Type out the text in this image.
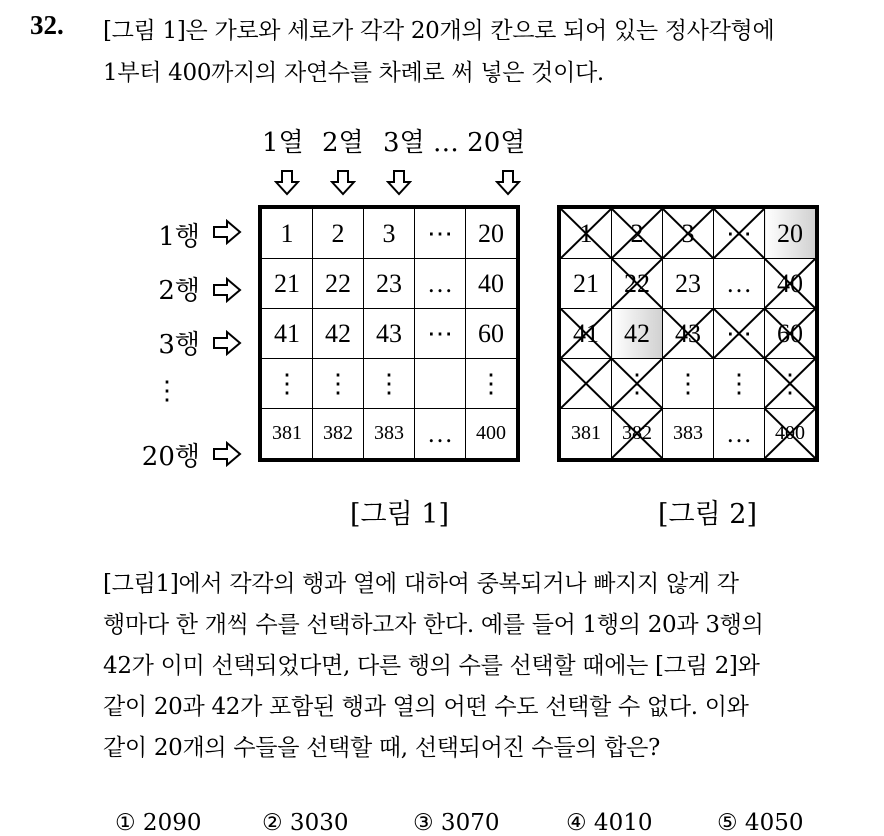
32. [그림 1]은 가로와 세로가 각각 20개의 칸으로 되어 있는 정사각형에
1부터 400까지의 자연수를 차례로 써 넣은 것이다.
1열 2열 3열 … 20열
1행
2행
3행
⋮
20행
1	2	3	⋯	20
21	22	23	…	40
41	42	43	⋯	60
⋮	⋮	⋮		⋮
381	382	383	…	400
1	2	3	⋯	20
21	22	23	…	40

41	42	43	⋯	60

	⋮	⋮	⋮	⋮

381	382	383	…	400
[그림 1]	[그림 2]
[그림1]에서 각각의 행과 열에 대하여 중복되거나 빠지지 않게 각
행마다 한 개씩 수를 선택하고자 한다. 예를 들어 1행의 20과 3행의
42가 이미 선택되었다면, 다른 행의 수를 선택할 때에는 [그림 2]와
같이 20과 42가 포함된 행과 열의 어떤 수도 선택할 수 없다. 이와
같이 20개의 수들을 선택할 때, 선택되어진 수들의 합은?
① 2090	② 3030	③ 3070	④ 4010	⑤ 4050
